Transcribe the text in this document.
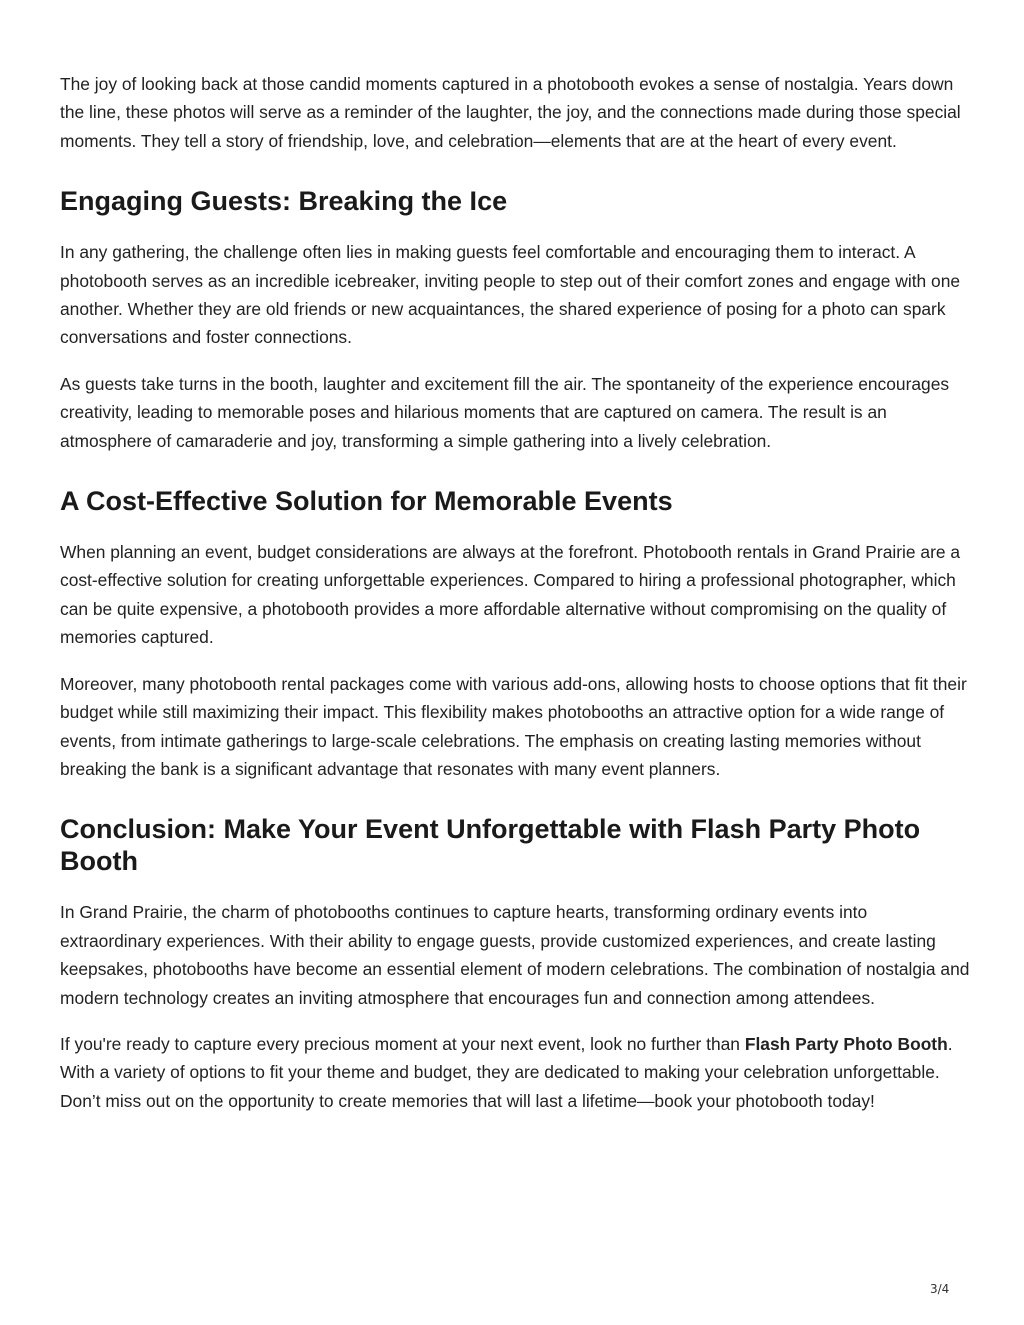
The joy of looking back at those candid moments captured in a photobooth evokes a sense of nostalgia. Years down the line, these photos will serve as a reminder of the laughter, the joy, and the connections made during those special moments. They tell a story of friendship, love, and celebration—elements that are at the heart of every event.

Engaging Guests: Breaking the Ice

In any gathering, the challenge often lies in making guests feel comfortable and encouraging them to interact. A photobooth serves as an incredible icebreaker, inviting people to step out of their comfort zones and engage with one another. Whether they are old friends or new acquaintances, the shared experience of posing for a photo can spark conversations and foster connections.

As guests take turns in the booth, laughter and excitement fill the air. The spontaneity of the experience encourages creativity, leading to memorable poses and hilarious moments that are captured on camera. The result is an atmosphere of camaraderie and joy, transforming a simple gathering into a lively celebration.

A Cost-Effective Solution for Memorable Events

When planning an event, budget considerations are always at the forefront. Photobooth rentals in Grand Prairie are a cost-effective solution for creating unforgettable experiences. Compared to hiring a professional photographer, which can be quite expensive, a photobooth provides a more affordable alternative without compromising on the quality of memories captured.

Moreover, many photobooth rental packages come with various add-ons, allowing hosts to choose options that fit their budget while still maximizing their impact. This flexibility makes photobooths an attractive option for a wide range of events, from intimate gatherings to large-scale celebrations. The emphasis on creating lasting memories without breaking the bank is a significant advantage that resonates with many event planners.

Conclusion: Make Your Event Unforgettable with Flash Party Photo Booth

In Grand Prairie, the charm of photobooths continues to capture hearts, transforming ordinary events into extraordinary experiences. With their ability to engage guests, provide customized experiences, and create lasting keepsakes, photobooths have become an essential element of modern celebrations. The combination of nostalgia and modern technology creates an inviting atmosphere that encourages fun and connection among attendees.

If you're ready to capture every precious moment at your next event, look no further than Flash Party Photo Booth. With a variety of options to fit your theme and budget, they are dedicated to making your celebration unforgettable. Don’t miss out on the opportunity to create memories that will last a lifetime—book your photobooth today!

3/4
